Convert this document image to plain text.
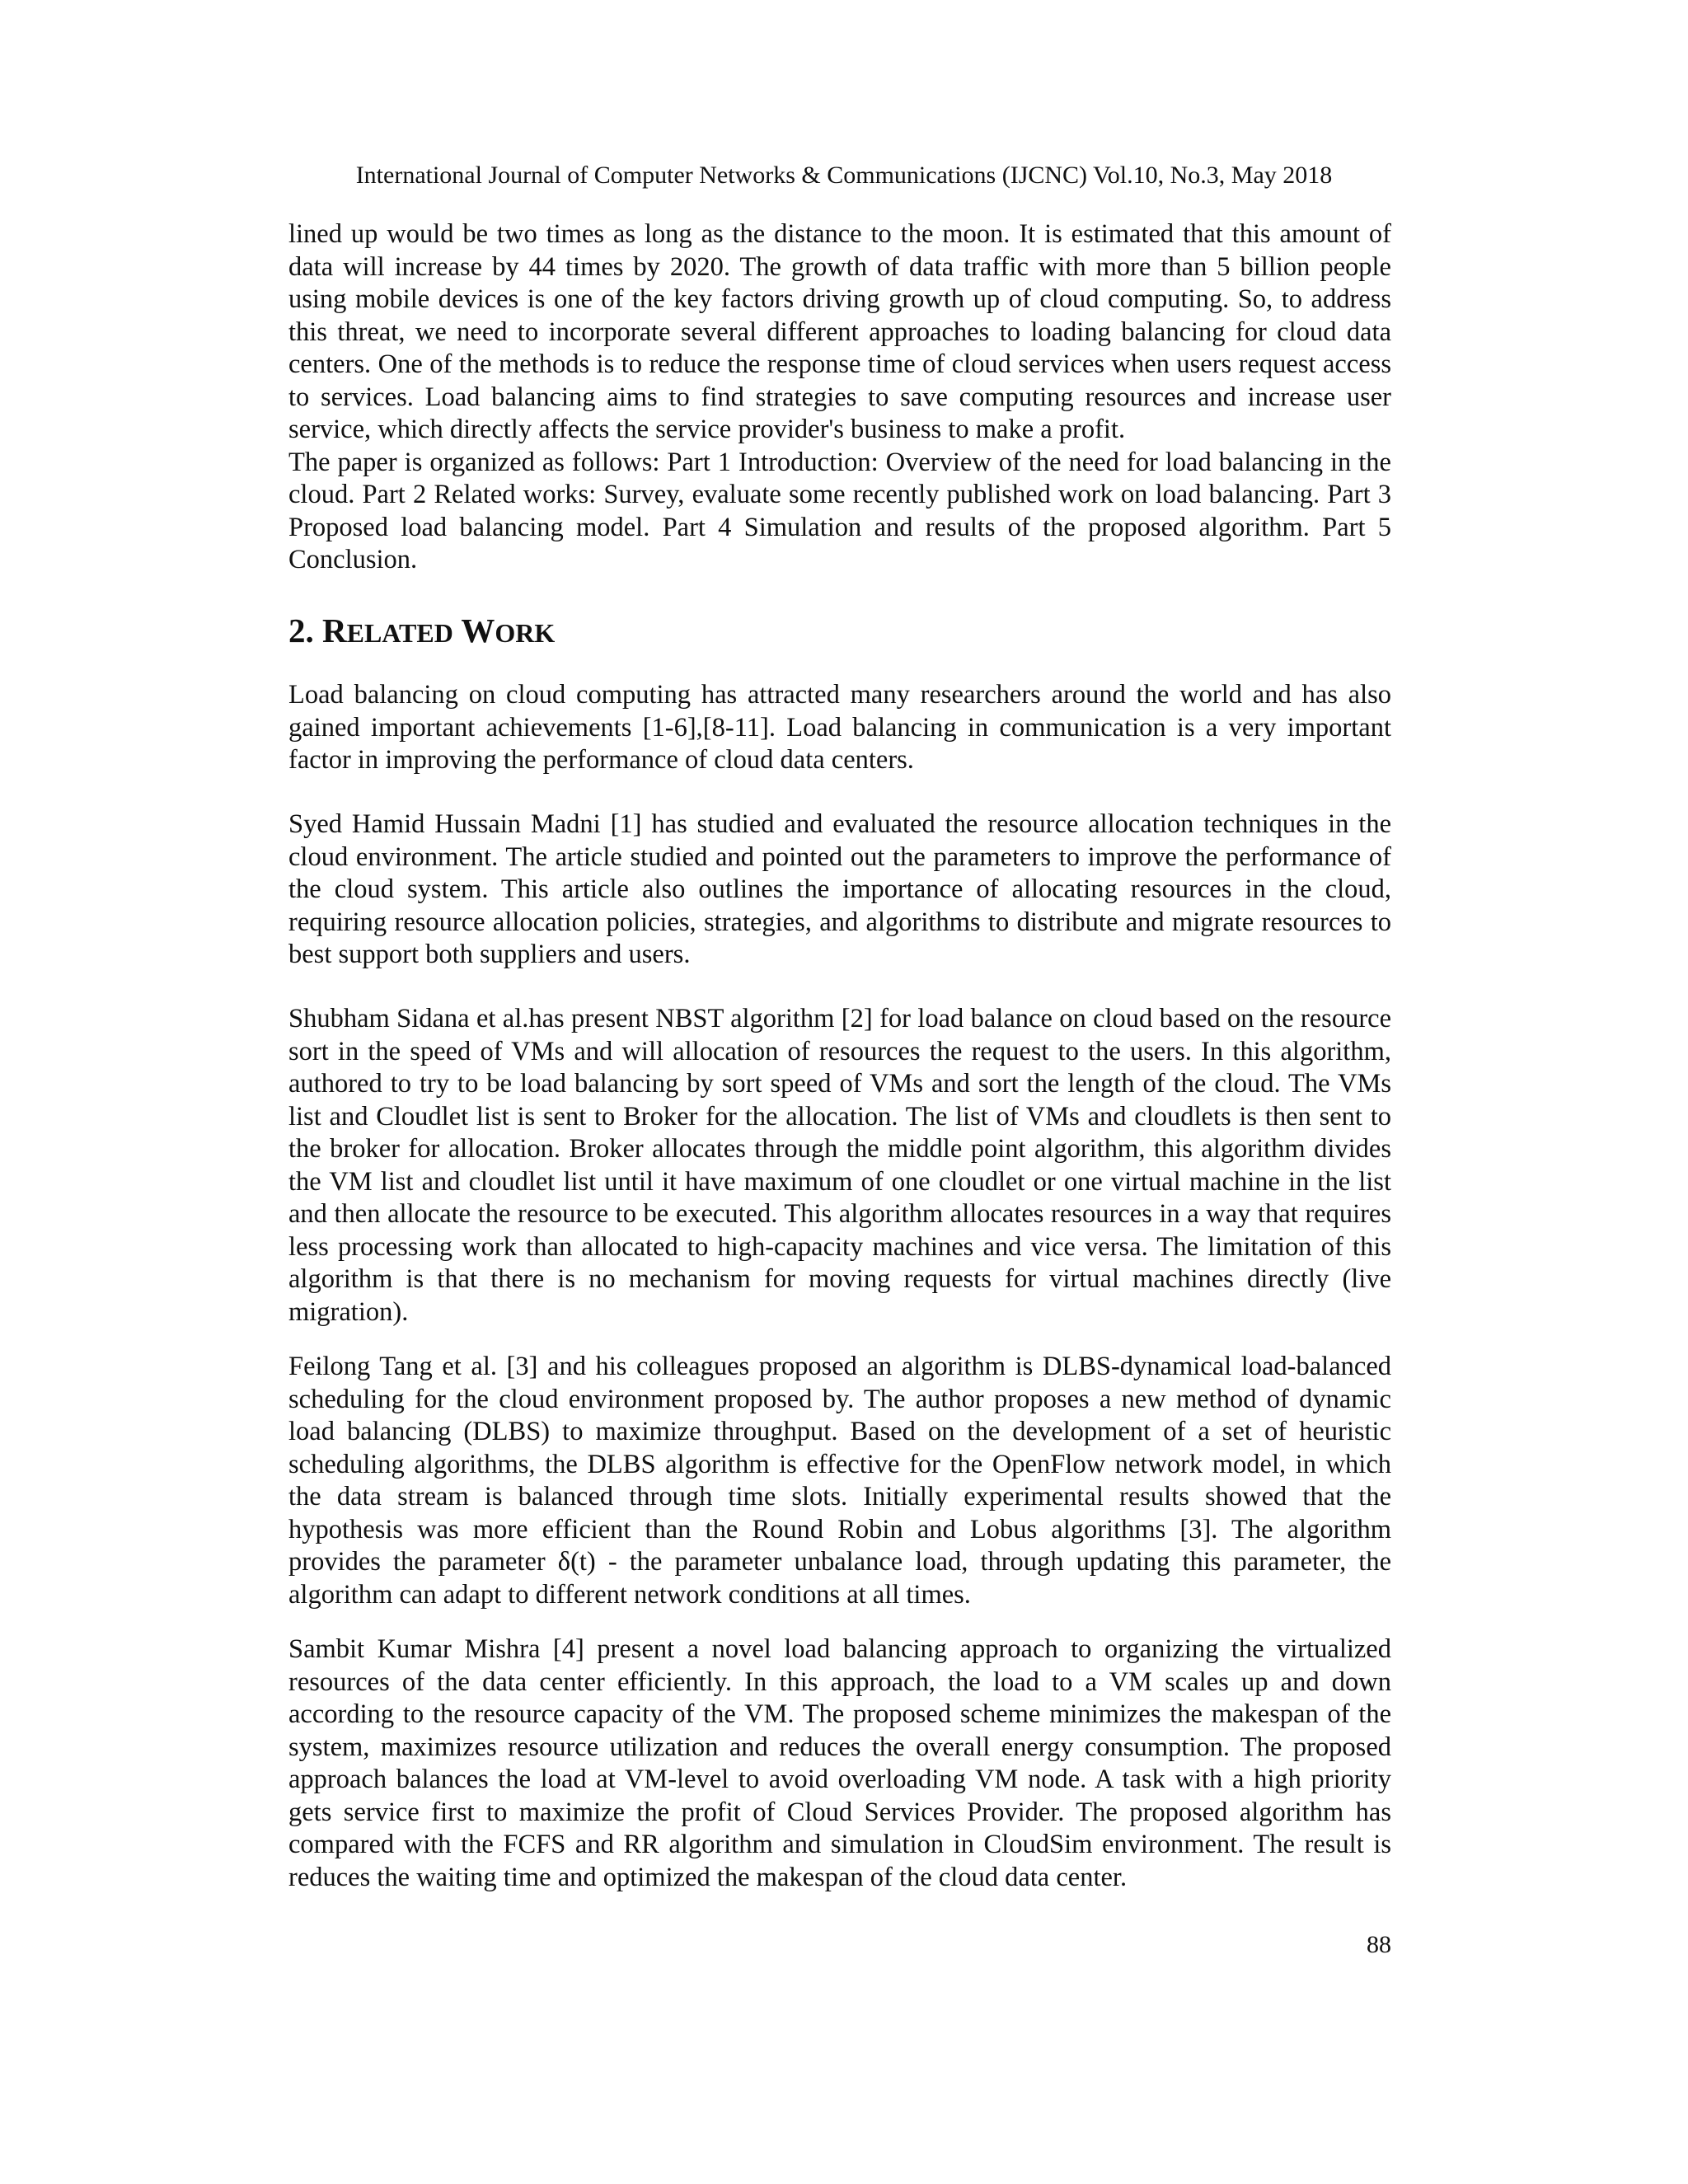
International Journal of Computer Networks & Communications (IJCNC) Vol.10, No.3, May 2018

lined up would be two times as long as the distance to the moon. It is estimated that this amount of data will increase by 44 times by 2020. The growth of data traffic with more than 5 billion people using mobile devices is one of the key factors driving growth up of cloud computing. So, to address this threat, we need to incorporate several different approaches to loading balancing for cloud data centers. One of the methods is to reduce the response time of cloud services when users request access to services. Load balancing aims to find strategies to save computing resources and increase user service, which directly affects the service provider's business to make a profit.

The paper is organized as follows: Part 1 Introduction: Overview of the need for load balancing in the cloud. Part 2 Related works: Survey, evaluate some recently published work on load balancing. Part 3 Proposed load balancing model. Part 4 Simulation and results of the proposed algorithm. Part 5 Conclusion.

2. RELATED WORK

Load balancing on cloud computing has attracted many researchers around the world and has also gained important achievements [1-6],[8-11]. Load balancing in communication is a very important factor in improving the performance of cloud data centers.

Syed Hamid Hussain Madni [1] has studied and evaluated the resource allocation techniques in the cloud environment. The article studied and pointed out the parameters to improve the performance of the cloud system. This article also outlines the importance of allocating resources in the cloud, requiring resource allocation policies, strategies, and algorithms to distribute and migrate resources to best support both suppliers and users.

Shubham Sidana et al.has present NBST algorithm [2] for load balance on cloud based on the resource sort in the speed of VMs and will allocation of resources the request to the users. In this algorithm, authored to try to be load balancing by sort speed of VMs and sort the length of the cloud. The VMs list and Cloudlet list is sent to Broker for the allocation. The list of VMs and cloudlets is then sent to the broker for allocation. Broker allocates through the middle point algorithm, this algorithm divides the VM list and cloudlet list until it have maximum of one cloudlet or one virtual machine in the list and then allocate the resource to be executed. This algorithm allocates resources in a way that requires less processing work than allocated to high-capacity machines and vice versa. The limitation of this algorithm is that there is no mechanism for moving requests for virtual machines directly (live migration).

Feilong Tang et al. [3] and his colleagues proposed an algorithm is DLBS-dynamical load-balanced scheduling for the cloud environment proposed by. The author proposes a new method of dynamic load balancing (DLBS) to maximize throughput. Based on the development of a set of heuristic scheduling algorithms, the DLBS algorithm is effective for the OpenFlow network model, in which the data stream is balanced through time slots. Initially experimental results showed that the hypothesis was more efficient than the Round Robin and Lobus algorithms [3]. The algorithm provides the parameter δ(t) - the parameter unbalance load, through updating this parameter, the algorithm can adapt to different network conditions at all times.

Sambit Kumar Mishra [4] present a novel load balancing approach to organizing the virtualized resources of the data center efficiently. In this approach, the load to a VM scales up and down according to the resource capacity of the VM. The proposed scheme minimizes the makespan of the system, maximizes resource utilization and reduces the overall energy consumption. The proposed approach balances the load at VM-level to avoid overloading VM node. A task with a high priority gets service first to maximize the profit of Cloud Services Provider. The proposed algorithm has compared with the FCFS and RR algorithm and simulation in CloudSim environment. The result is reduces the waiting time and optimized the makespan of the cloud data center.

88
